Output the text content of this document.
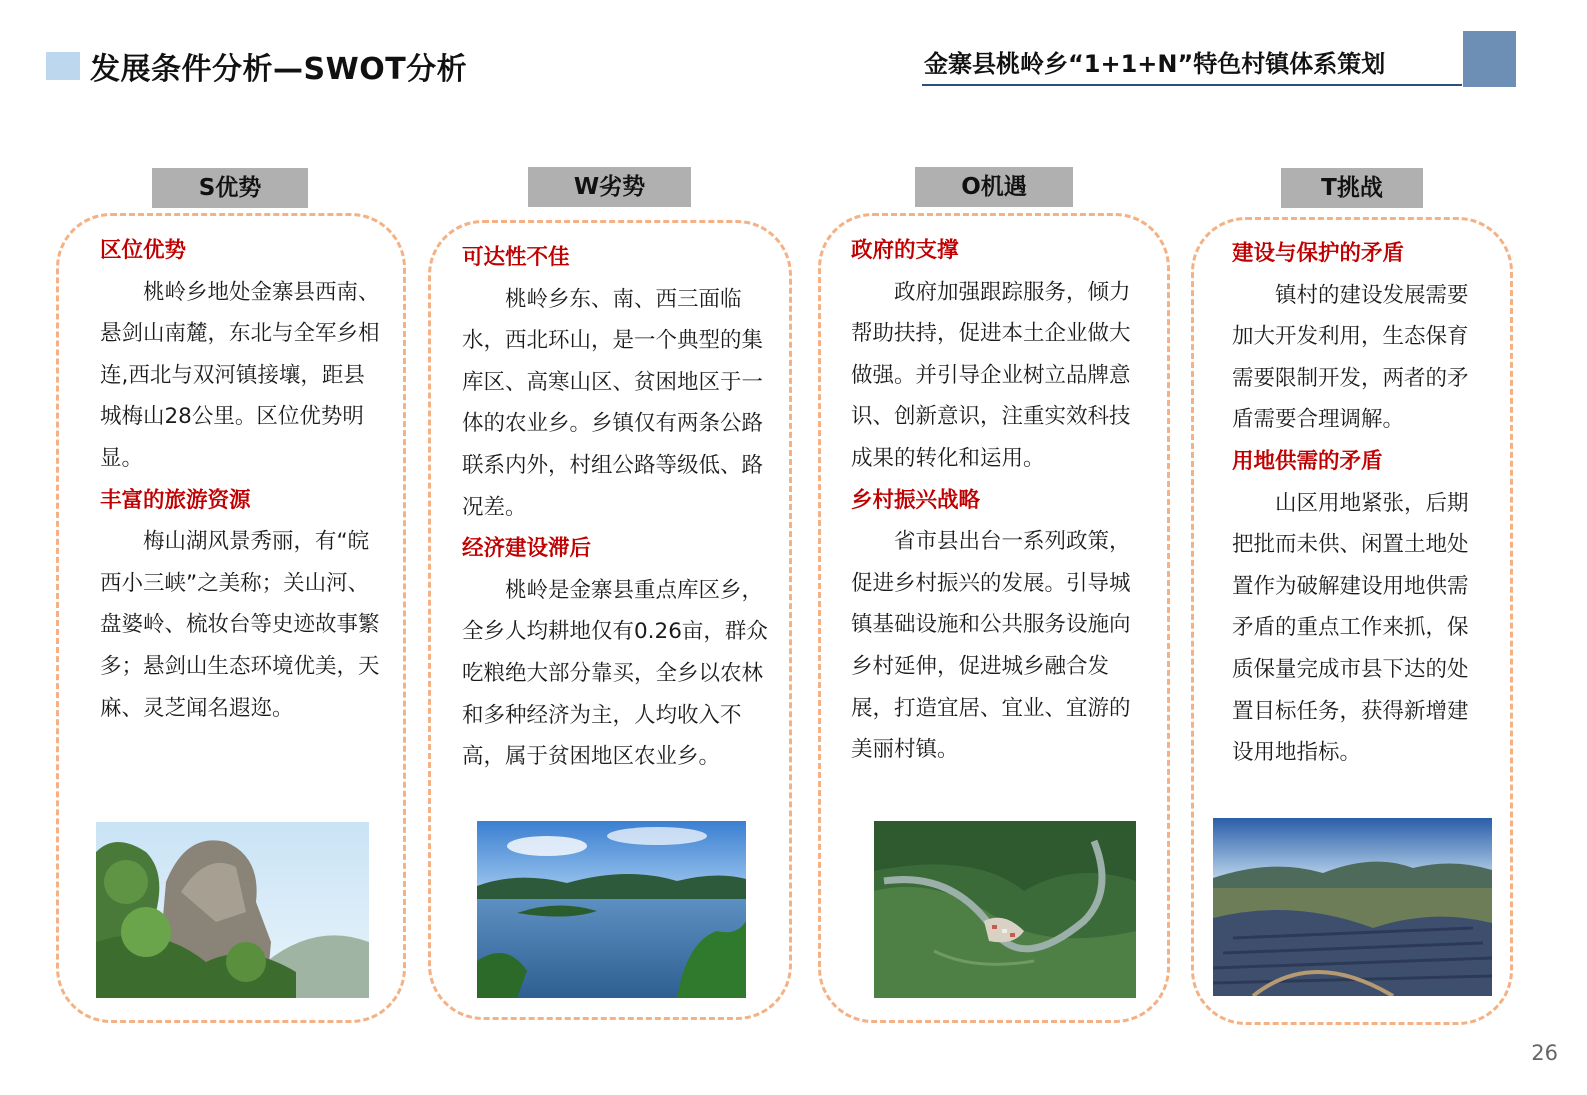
发展条件分析—SWOT分析	金寨县桃岭乡“1+1+N”特色村镇体系策划
S优势
区位优势

桃岭乡地处金寨县西南、悬剑山南麓，东北与全军乡相连,西北与双河镇接壤，距县城梅山28公里。区位优势明显。

丰富的旅游资源

梅山湖风景秀丽，有“皖西小三峡”之美称；关山河、盘婆岭、梳妆台等史迹故事繁多；悬剑山生态环境优美，天麻、灵芝闻名遐迩。

W劣势
可达性不佳

桃岭乡东、南、西三面临水，西北环山，是一个典型的集库区、高寒山区、贫困地区于一体的农业乡。乡镇仅有两条公路联系内外，村组公路等级低、路况差。

经济建设滞后

桃岭是金寨县重点库区乡，全乡人均耕地仅有0.26亩，群众吃粮绝大部分靠买，全乡以农林和多种经济为主，人均收入不高，属于贫困地区农业乡。

O机遇
政府的支撑

政府加强跟踪服务，倾力帮助扶持，促进本土企业做大做强。并引导企业树立品牌意识、创新意识，注重实效科技成果的转化和运用。

乡村振兴战略

省市县出台一系列政策，促进乡村振兴的发展。引导城镇基础设施和公共服务设施向乡村延伸，促进城乡融合发展，打造宜居、宜业、宜游的美丽村镇。

T挑战
建设与保护的矛盾

镇村的建设发展需要加大开发利用，生态保育需要限制开发，两者的矛盾需要合理调解。

用地供需的矛盾

山区用地紧张，后期把批而未供、闲置土地处置作为破解建设用地供需矛盾的重点工作来抓，保质保量完成市县下达的处置目标任务，获得新增建设用地指标。

26
